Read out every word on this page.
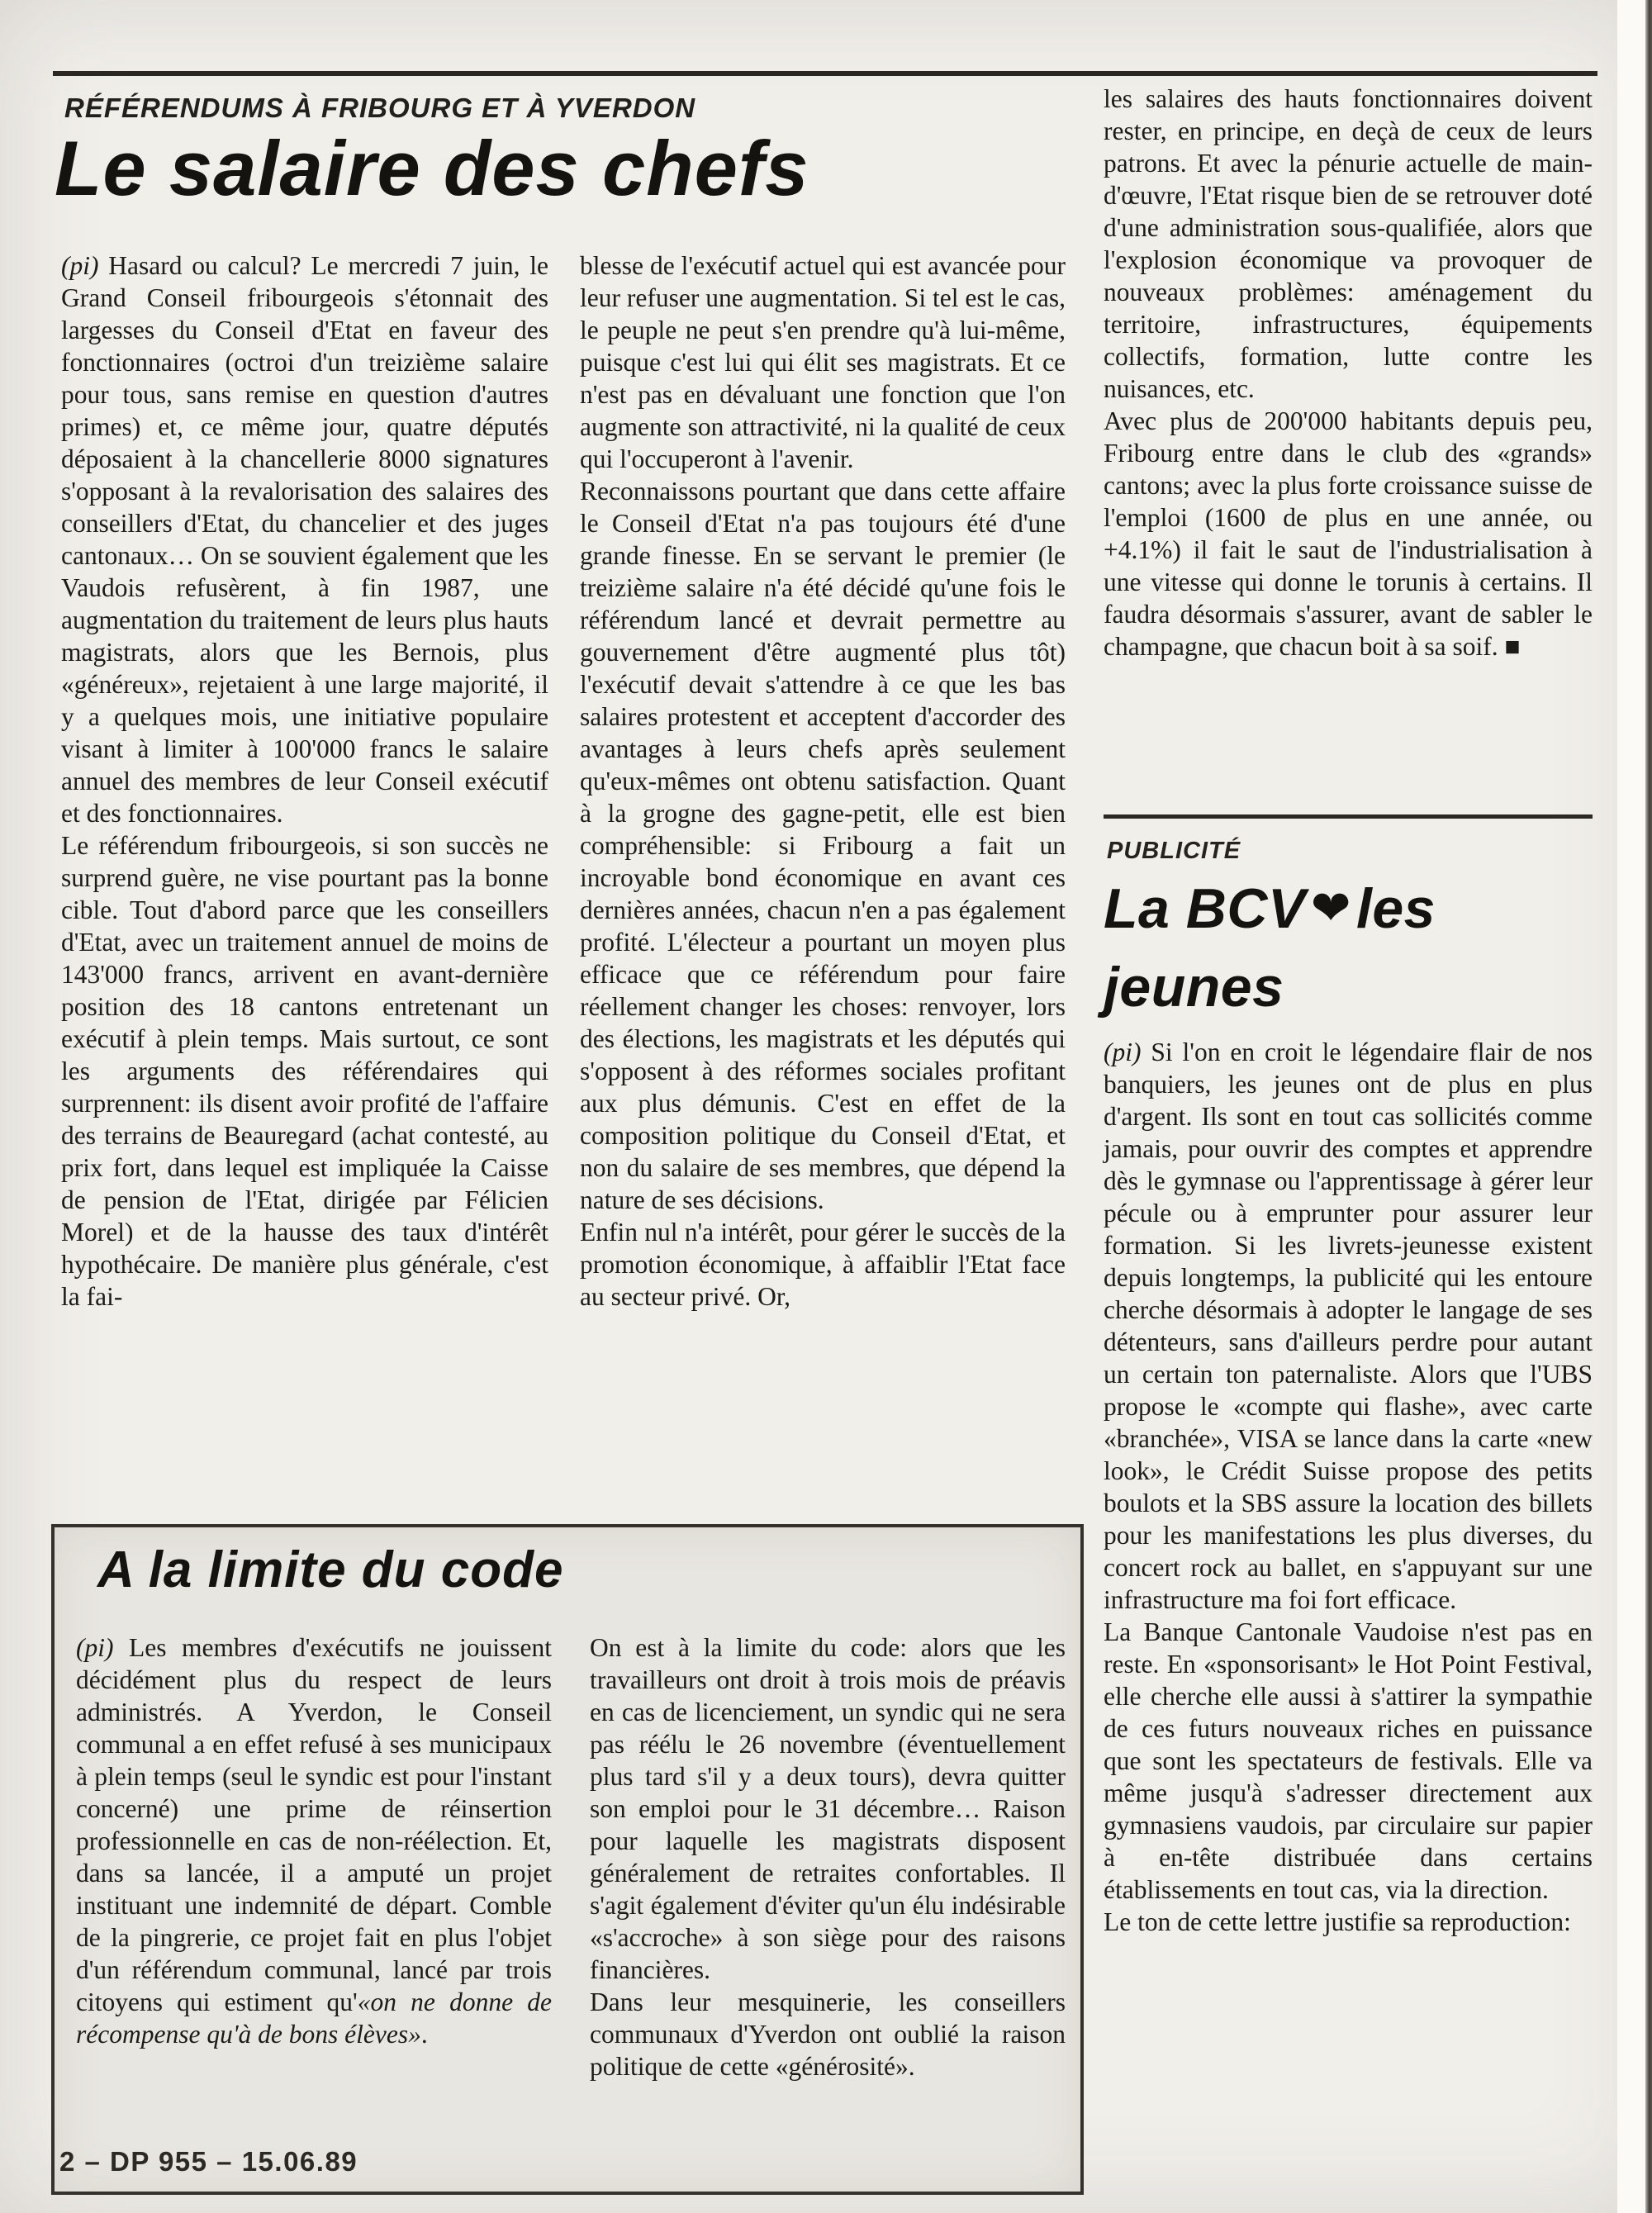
RÉFÉRENDUMS À FRIBOURG ET À YVERDON
Le salaire des chefs

(pi) Hasard ou calcul? Le mercredi 7 juin, le Grand Conseil fribourgeois s'étonnait des largesses du Conseil d'Etat en faveur des fonctionnaires (octroi d'un treizième salaire pour tous, sans remise en question d'autres primes) et, ce même jour, quatre députés déposaient à la chancellerie 8000 signatures s'opposant à la revalorisation des salaires des conseillers d'Etat, du chancelier et des juges cantonaux… On se souvient également que les Vaudois refusèrent, à fin 1987, une augmentation du traitement de leurs plus hauts magistrats, alors que les Bernois, plus «généreux», rejetaient à une large majorité, il y a quelques mois, une initiative populaire visant à limiter à 100'000 francs le salaire annuel des membres de leur Conseil exécutif et des fonctionnaires.

Le référendum fribourgeois, si son succès ne surprend guère, ne vise pourtant pas la bonne cible. Tout d'abord parce que les conseillers d'Etat, avec un traitement annuel de moins de 143'000 francs, arrivent en avant-dernière position des 18 cantons entretenant un exécutif à plein temps. Mais surtout, ce sont les arguments des référendaires qui surprennent: ils disent avoir profité de l'affaire des terrains de Beauregard (achat contesté, au prix fort, dans lequel est impliquée la Caisse de pension de l'Etat, dirigée par Félicien Morel) et de la hausse des taux d'intérêt hypothécaire. De manière plus générale, c'est la fai-

blesse de l'exécutif actuel qui est avancée pour leur refuser une augmentation. Si tel est le cas, le peuple ne peut s'en prendre qu'à lui-même, puisque c'est lui qui élit ses magistrats. Et ce n'est pas en dévaluant une fonction que l'on augmente son attractivité, ni la qualité de ceux qui l'occuperont à l'avenir.

Reconnaissons pourtant que dans cette affaire le Conseil d'Etat n'a pas toujours été d'une grande finesse. En se servant le premier (le treizième salaire n'a été décidé qu'une fois le référendum lancé et devrait permettre au gouvernement d'être augmenté plus tôt) l'exécutif devait s'attendre à ce que les bas salaires protestent et acceptent d'accorder des avantages à leurs chefs après seulement qu'eux-mêmes ont obtenu satisfaction. Quant à la grogne des gagne-petit, elle est bien compréhensible: si Fribourg a fait un incroyable bond économique en avant ces dernières années, chacun n'en a pas également profité. L'électeur a pourtant un moyen plus efficace que ce référendum pour faire réellement changer les choses: renvoyer, lors des élections, les magistrats et les députés qui s'opposent à des réformes sociales profitant aux plus démunis. C'est en effet de la composition politique du Conseil d'Etat, et non du salaire de ses membres, que dépend la nature de ses décisions.

Enfin nul n'a intérêt, pour gérer le succès de la promotion économique, à affaiblir l'Etat face au secteur privé. Or,

les salaires des hauts fonctionnaires doivent rester, en principe, en deçà de ceux de leurs patrons. Et avec la pénurie actuelle de main-d'œuvre, l'Etat risque bien de se retrouver doté d'une administration sous-qualifiée, alors que l'explosion économique va provoquer de nouveaux problèmes: aménagement du territoire, infrastructures, équipements collectifs, formation, lutte contre les nuisances, etc.

Avec plus de 200'000 habitants depuis peu, Fribourg entre dans le club des «grands» cantons; avec la plus forte croissance suisse de l'emploi (1600 de plus en une année, ou +4.1%) il fait le saut de l'industrialisation à une vitesse qui donne le torunis à certains. Il faudra désormais s'assurer, avant de sabler le champagne, que chacun boit à sa soif. ■

PUBLICITÉ
La BCV ❤les
jeunes

(pi) Si l'on en croit le légendaire flair de nos banquiers, les jeunes ont de plus en plus d'argent. Ils sont en tout cas sollicités comme jamais, pour ouvrir des comptes et apprendre dès le gymnase ou l'apprentissage à gérer leur pécule ou à emprunter pour assurer leur formation. Si les livrets-jeunesse existent depuis longtemps, la publicité qui les entoure cherche désormais à adopter le langage de ses détenteurs, sans d'ailleurs perdre pour autant un certain ton paternaliste. Alors que l'UBS propose le «compte qui flashe», avec carte «branchée», VISA se lance dans la carte «new look», le Crédit Suisse propose des petits boulots et la SBS assure la location des billets pour les manifestations les plus diverses, du concert rock au ballet, en s'appuyant sur une infrastructure ma foi fort efficace.

La Banque Cantonale Vaudoise n'est pas en reste. En «sponsorisant» le Hot Point Festival, elle cherche elle aussi à s'attirer la sympathie de ces futurs nouveaux riches en puissance que sont les spectateurs de festivals. Elle va même jusqu'à s'adresser directement aux gymnasiens vaudois, par circulaire sur papier à en-tête distribuée dans certains établissements en tout cas, via la direction.

Le ton de cette lettre justifie sa reproduction:

A la limite du code

(pi) Les membres d'exécutifs ne jouissent décidément plus du respect de leurs administrés. A Yverdon, le Conseil communal a en effet refusé à ses municipaux à plein temps (seul le syndic est pour l'instant concerné) une prime de réinsertion professionnelle en cas de non-réélection. Et, dans sa lancée, il a amputé un projet instituant une indemnité de départ. Comble de la pingrerie, ce projet fait en plus l'objet d'un référendum communal, lancé par trois citoyens qui estiment qu'«on ne donne de récompense qu'à de bons élèves».

On est à la limite du code: alors que les travailleurs ont droit à trois mois de préavis en cas de licenciement, un syndic qui ne sera pas réélu le 26 novembre (éventuellement plus tard s'il y a deux tours), devra quitter son emploi pour le 31 décembre… Raison pour laquelle les magistrats disposent généralement de retraites confortables. Il s'agit également d'éviter qu'un élu indésirable «s'accroche» à son siège pour des raisons financières.

Dans leur mesquinerie, les conseillers communaux d'Yverdon ont oublié la raison politique de cette «générosité».

2 – DP 955 – 15.06.89
